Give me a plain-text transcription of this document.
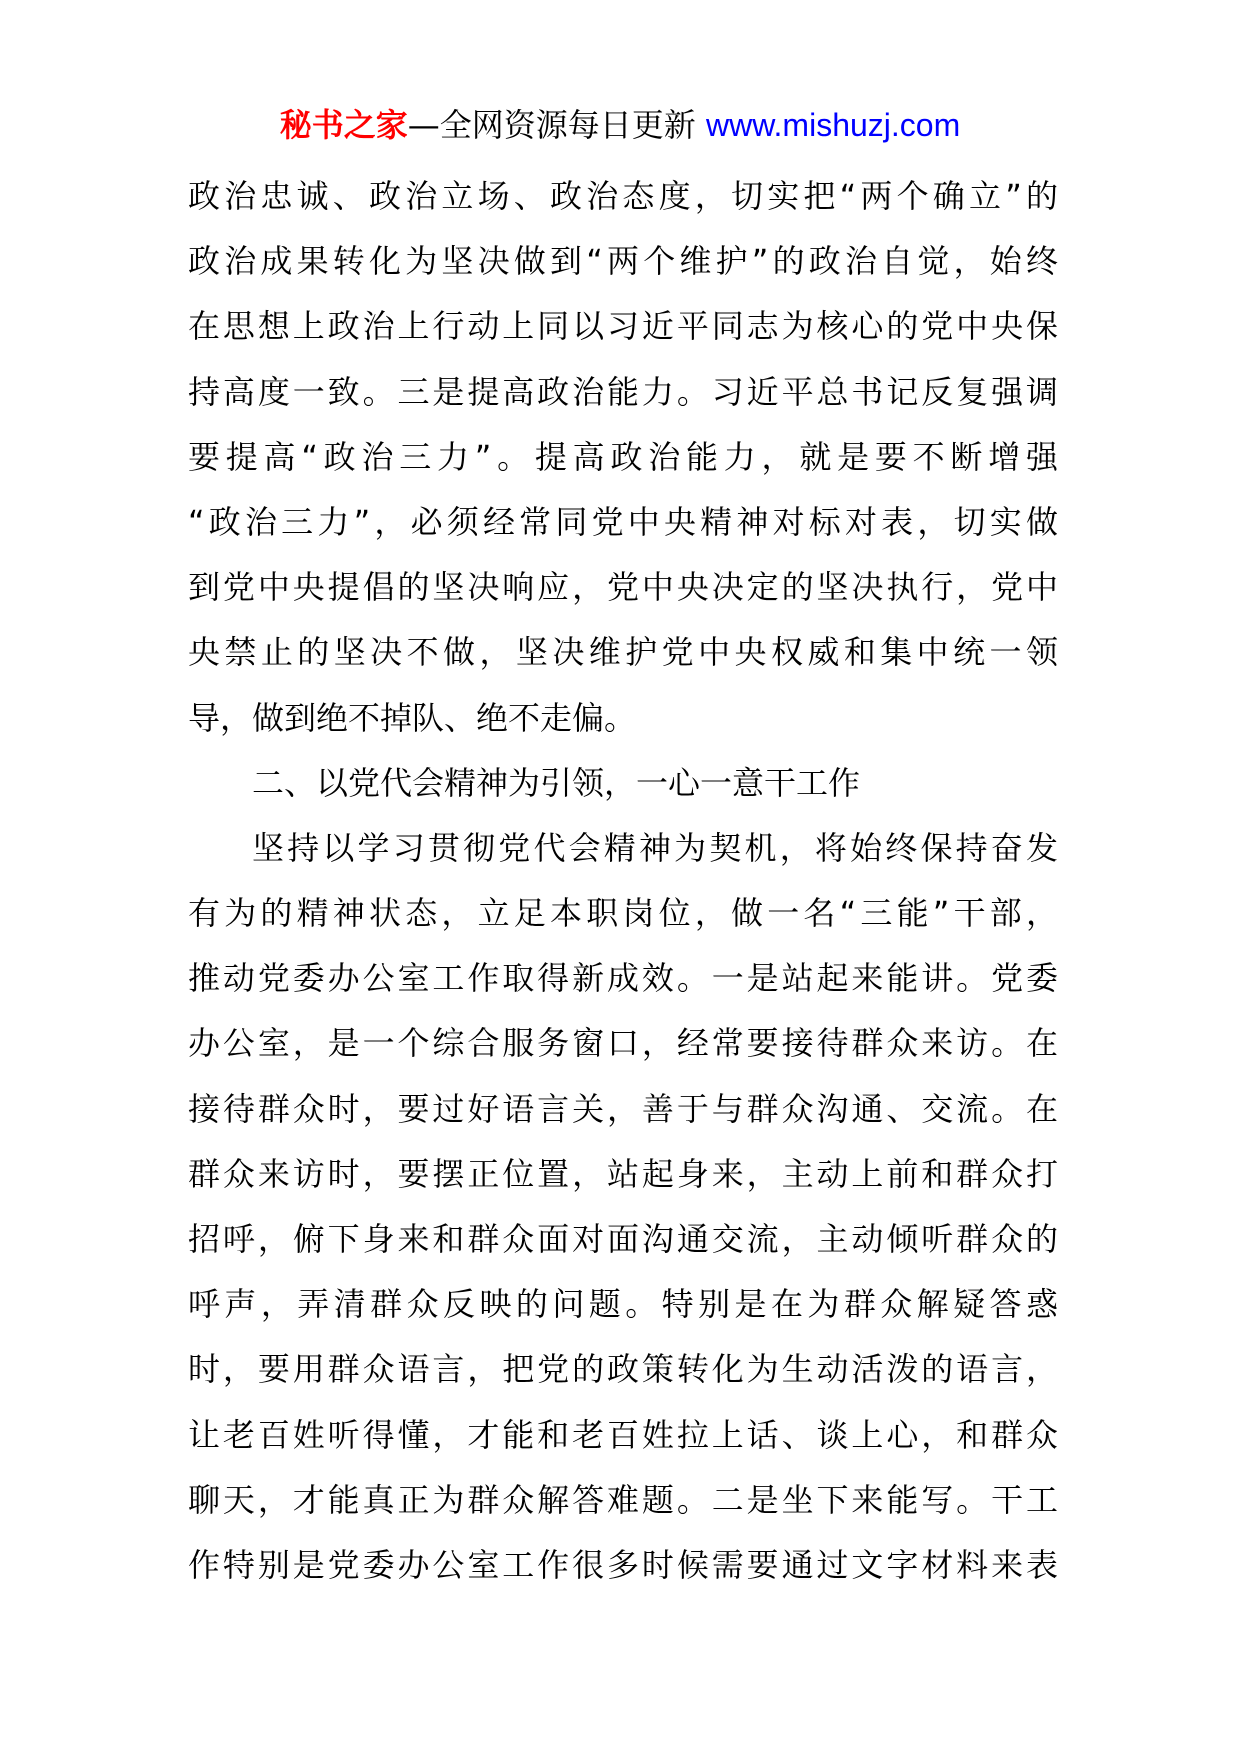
秘书之家—全网资源每日更新 www.mishuzj.com
政治忠诚、政治立场、政治态度，切实把“两个确立”的
政治成果转化为坚决做到“两个维护”的政治自觉，始终
在思想上政治上行动上同以习近平同志为核心的党中央保
持高度一致。三是提高政治能力。习近平总书记反复强调
要提高“政治三力”。提高政治能力，就是要不断增强
“政治三力”，必须经常同党中央精神对标对表，切实做
到党中央提倡的坚决响应，党中央决定的坚决执行，党中
央禁止的坚决不做，坚决维护党中央权威和集中统一领
导，做到绝不掉队、绝不走偏。
二、以党代会精神为引领，一心一意干工作
坚持以学习贯彻党代会精神为契机，将始终保持奋发
有为的精神状态，立足本职岗位，做一名“三能”干部，
推动党委办公室工作取得新成效。一是站起来能讲。党委
办公室，是一个综合服务窗口，经常要接待群众来访。在
接待群众时，要过好语言关，善于与群众沟通、交流。在
群众来访时，要摆正位置，站起身来，主动上前和群众打
招呼，俯下身来和群众面对面沟通交流，主动倾听群众的
呼声，弄清群众反映的问题。特别是在为群众解疑答惑
时，要用群众语言，把党的政策转化为生动活泼的语言，
让老百姓听得懂，才能和老百姓拉上话、谈上心，和群众
聊天，才能真正为群众解答难题。二是坐下来能写。干工
作特别是党委办公室工作很多时候需要通过文字材料来表
